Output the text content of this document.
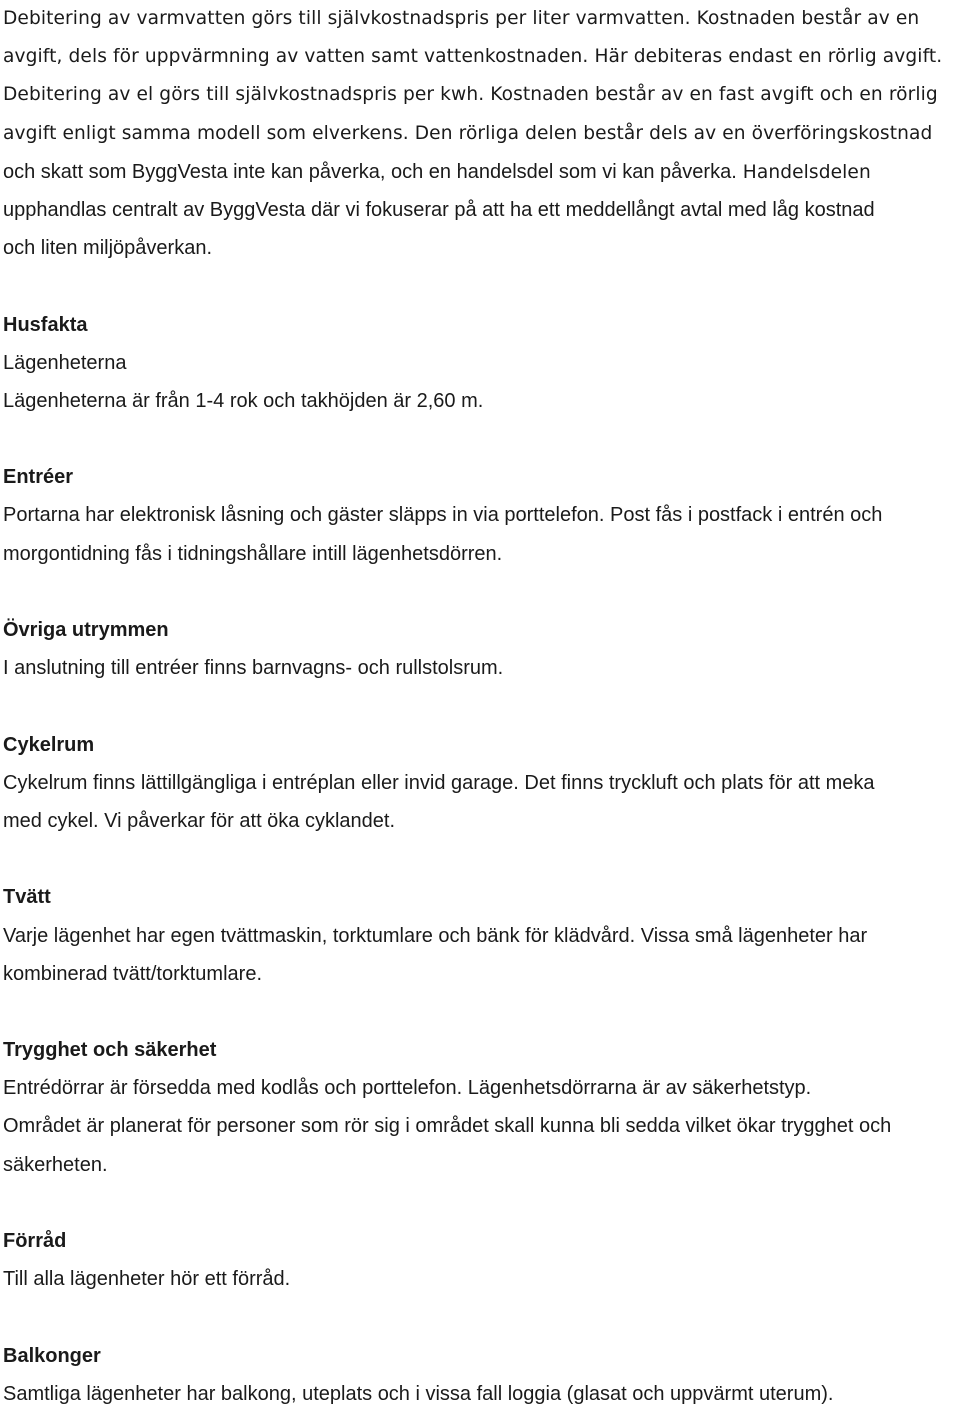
Debitering av varmvatten görs till självkostnadspris per liter varmvatten. Kostnaden består av en
avgift, dels för uppvärmning av vatten samt vattenkostnaden. Här debiteras endast en rörlig avgift.
Debitering av el görs till självkostnadspris per kwh. Kostnaden består av en fast avgift och en rörlig
avgift enligt samma modell som elverkens. Den rörliga delen består dels av en överföringskostnad
och skatt som ByggVesta inte kan påverka, och en handelsdel som vi kan påverka. Handelsdelen
upphandlas centralt av ByggVesta där vi fokuserar på att ha ett meddellångt avtal med låg kostnad
och liten miljöpåverkan.
Husfakta
Lägenheterna
Lägenheterna är från 1-4 rok och takhöjden är 2,60 m.
Entréer
Portarna har elektronisk låsning och gäster släpps in via porttelefon. Post fås i postfack i entrén och
morgontidning fås i tidningshållare intill lägenhetsdörren.
Övriga utrymmen
I anslutning till entréer finns barnvagns- och rullstolsrum.
Cykelrum
Cykelrum finns lättillgängliga i entréplan eller invid garage. Det finns tryckluft och plats för att meka
med cykel. Vi påverkar för att öka cyklandet.
Tvätt
Varje lägenhet har egen tvättmaskin, torktumlare och bänk för klädvård. Vissa små lägenheter har
kombinerad tvätt/torktumlare.
Trygghet och säkerhet
Entrédörrar är försedda med kodlås och porttelefon. Lägenhetsdörrarna är av säkerhetstyp.
Området är planerat för personer som rör sig i området skall kunna bli sedda vilket ökar trygghet och
säkerheten.
Förråd
Till alla lägenheter hör ett förråd.
Balkonger
Samtliga lägenheter har balkong, uteplats och i vissa fall loggia (glasat och uppvärmt uterum).
